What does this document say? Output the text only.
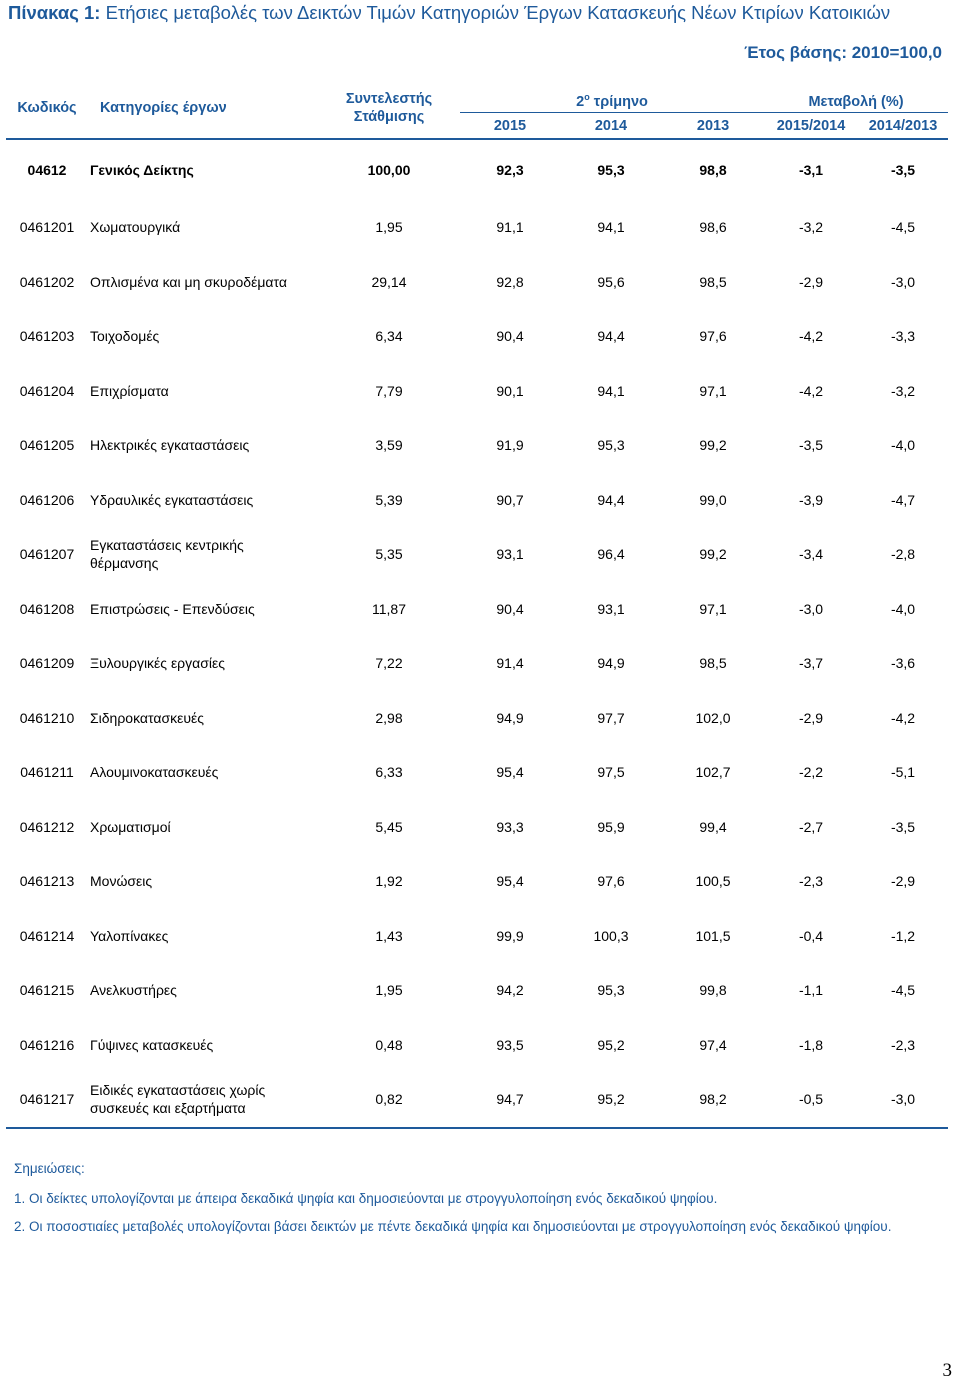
Πίνακας 1: Ετήσιες μεταβολές των Δεικτών Τιμών Κατηγοριών Έργων Κατασκευής Νέων Κτιρίων Κατοικιών
Έτος βάσης: 2010=100,0
Κωδικός	Κατηγορίες έργων	Συντελεστής Στάθμισης	$2^o$ τρίμηνο			Μεταβολή (%)	
			2015	2014	2013	2015/2014	2014/2013
04612	Γενικός Δείκτης	100,00	92,3	95,3	98,8	-3,1	-3,5
0461201	Χωματουργικά	1,95	91,1	94,1	98,6	-3,2	-4,5
0461202	Οπλισμένα και μη σκυροδέματα	29,14	92,8	95,6	98,5	-2,9	-3,0
0461203	Τοιχοδομές	6,34	90,4	94,4	97,6	-4,2	-3,3
0461204	Επιχρίσματα	7,79	90,1	94,1	97,1	-4,2	-3,2
0461205	Ηλεκτρικές εγκαταστάσεις	3,59	91,9	95,3	99,2	-3,5	-4,0
0461206	Υδραυλικές εγκαταστάσεις	5,39	90,7	94,4	99,0	-3,9	-4,7
0461207	Εγκαταστάσεις κεντρικής θέρμανσης	5,35	93,1	96,4	99,2	-3,4	-2,8
0461208	Επιστρώσεις - Επενδύσεις	11,87	90,4	93,1	97,1	-3,0	-4,0
0461209	Ξυλουργικές εργασίες	7,22	91,4	94,9	98,5	-3,7	-3,6
0461210	Σιδηροκατασκευές	2,98	94,9	97,7	102,0	-2,9	-4,2
0461211	Αλουμινοκατασκευές	6,33	95,4	97,5	102,7	-2,2	-5,1
0461212	Χρωματισμοί	5,45	93,3	95,9	99,4	-2,7	-3,5
0461213	Μονώσεις	1,92	95,4	97,6	100,5	-2,3	-2,9
0461214	Υαλοπίνακες	1,43	99,9	100,3	101,5	-0,4	-1,2
0461215	Ανελκυστήρες	1,95	94,2	95,3	99,8	-1,1	-4,5
0461216	Γύψινες κατασκευές	0,48	93,5	95,2	97,4	-1,8	-2,3
0461217	Ειδικές εγκαταστάσεις χωρίς συσκευές και εξαρτήματα	0,82	94,7	95,2	98,2	-0,5	-3,0
Σημειώσεις:
1. Οι δείκτες υπολογίζονται με άπειρα δεκαδικά ψηφία και δημοσιεύονται με στρογγυλοποίηση ενός δεκαδικού ψηφίου.
2. Οι ποσοστιαίες μεταβολές υπολογίζονται βάσει δεικτών με πέντε δεκαδικά ψηφία και δημοσιεύονται με στρογγυλοποίηση ενός δεκαδικού ψηφίου.
3
